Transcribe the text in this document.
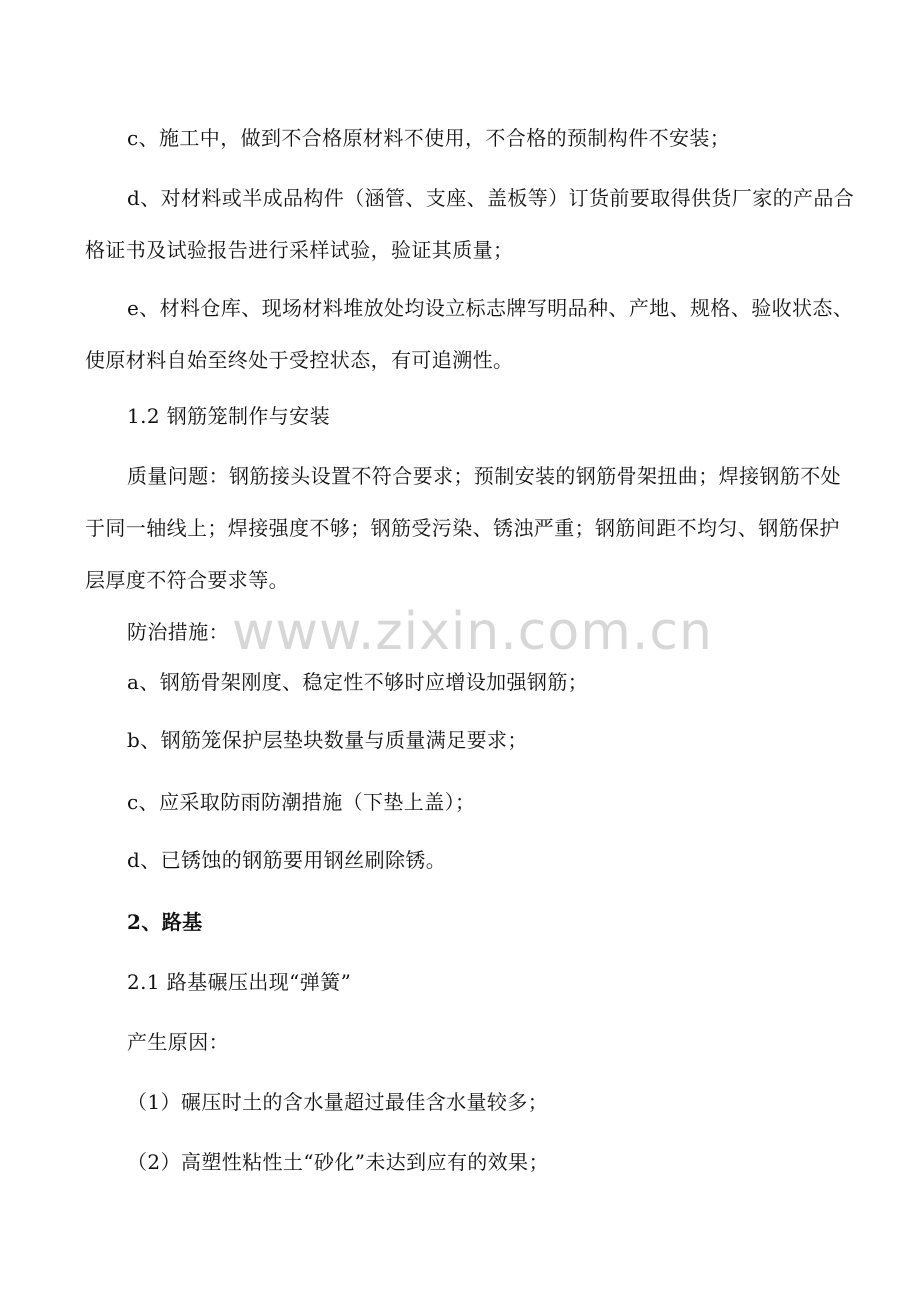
c、施工中，做到不合格原材料不使用，不合格的预制构件不安装；

d、对材料或半成品构件（涵管、支座、盖板等）订货前要取得供货厂家的产品合格证书及试验报告进行采样试验，验证其质量；

e、材料仓库、现场材料堆放处均设立标志牌写明品种、产地、规格、验收状态、使原材料自始至终处于受控状态，有可追溯性。

1.2 钢筋笼制作与安装

质量问题：钢筋接头设置不符合要求；预制安装的钢筋骨架扭曲；焊接钢筋不处于同一轴线上；焊接强度不够；钢筋受污染、锈浊严重；钢筋间距不均匀、钢筋保护层厚度不符合要求等。

防治措施：

a、钢筋骨架刚度、稳定性不够时应增设加强钢筋；

b、钢筋笼保护层垫块数量与质量满足要求；

c、应采取防雨防潮措施（下垫上盖）；

d、已锈蚀的钢筋要用钢丝刷除锈。

2、路基

2.1 路基碾压出现“弹簧”

产生原因：

（1）碾压时土的含水量超过最佳含水量较多；

（2）高塑性粘性土“砂化”未达到应有的效果；

www.zixin.com.cn
